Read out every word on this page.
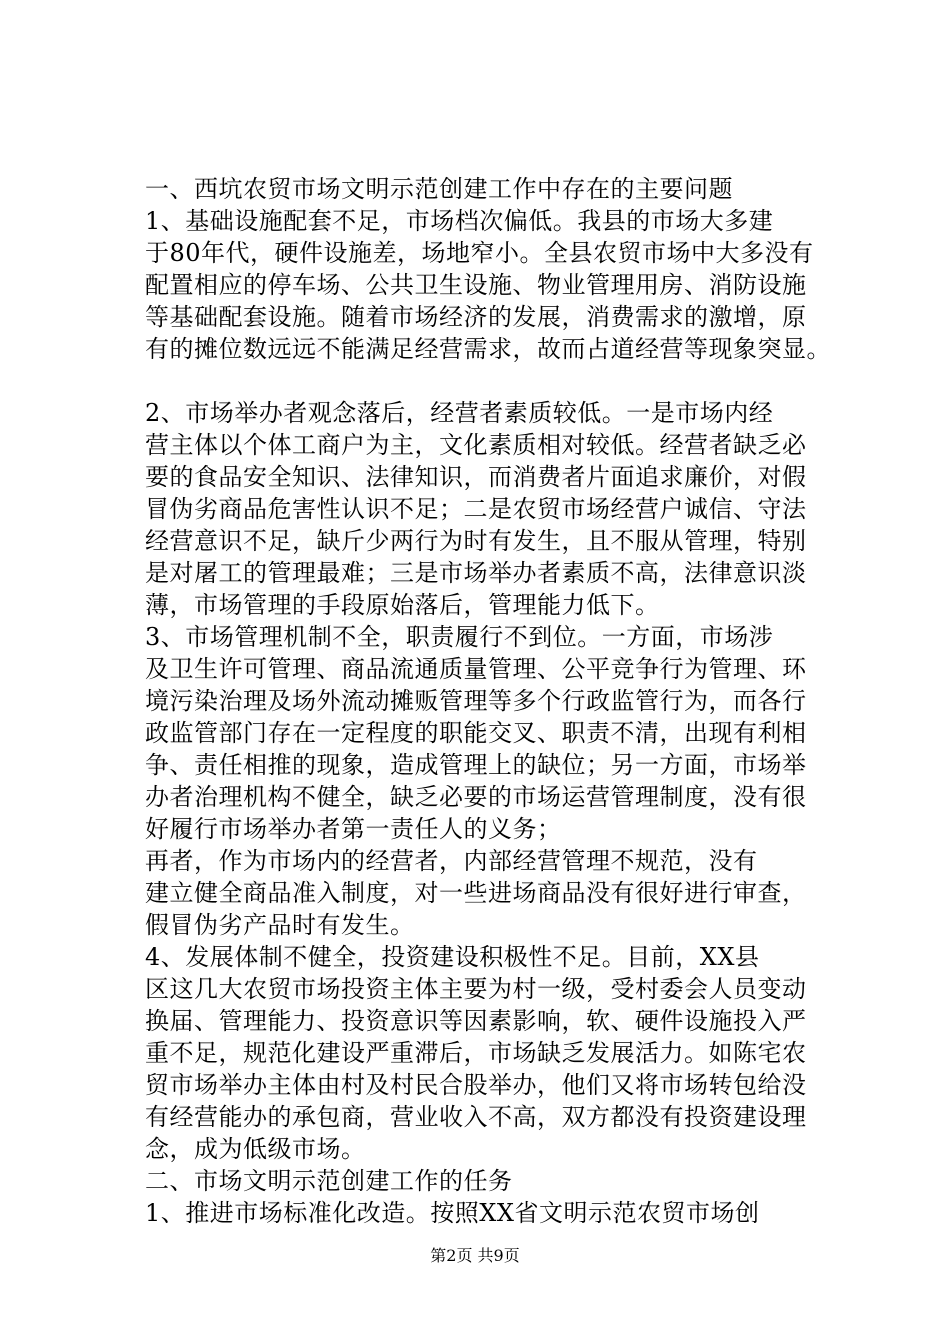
一、西坑农贸市场文明示范创建工作中存在的主要问题
1、基础设施配套不足，市场档次偏低。我县的市场大多建
于80年代，硬件设施差，场地窄小。全县农贸市场中大多没有
配置相应的停车场、公共卫生设施、物业管理用房、消防设施
等基础配套设施。随着市场经济的发展，消费需求的激增，原
有的摊位数远远不能满足经营需求，故而占道经营等现象突显。
2、市场举办者观念落后，经营者素质较低。一是市场内经
营主体以个体工商户为主，文化素质相对较低。经营者缺乏必
要的食品安全知识、法律知识，而消费者片面追求廉价，对假
冒伪劣商品危害性认识不足；二是农贸市场经营户诚信、守法
经营意识不足，缺斤少两行为时有发生，且不服从管理，特别
是对屠工的管理最难；三是市场举办者素质不高，法律意识淡
薄，市场管理的手段原始落后，管理能力低下。
3、市场管理机制不全，职责履行不到位。一方面，市场涉
及卫生许可管理、商品流通质量管理、公平竞争行为管理、环
境污染治理及场外流动摊贩管理等多个行政监管行为，而各行
政监管部门存在一定程度的职能交叉、职责不清，出现有利相
争、责任相推的现象，造成管理上的缺位；另一方面，市场举
办者治理机构不健全，缺乏必要的市场运营管理制度，没有很
好履行市场举办者第一责任人的义务；
再者，作为市场内的经营者，内部经营管理不规范，没有
建立健全商品准入制度，对一些进场商品没有很好进行审查，
假冒伪劣产品时有发生。
4、发展体制不健全，投资建设积极性不足。目前，XX县
区这几大农贸市场投资主体主要为村一级，受村委会人员变动
换届、管理能力、投资意识等因素影响，软、硬件设施投入严
重不足，规范化建设严重滞后，市场缺乏发展活力。如陈宅农
贸市场举办主体由村及村民合股举办，他们又将市场转包给没
有经营能办的承包商，营业收入不高，双方都没有投资建设理
念，成为低级市场。
二、市场文明示范创建工作的任务
1、推进市场标准化改造。按照XX省文明示范农贸市场创
第2页 共9页
